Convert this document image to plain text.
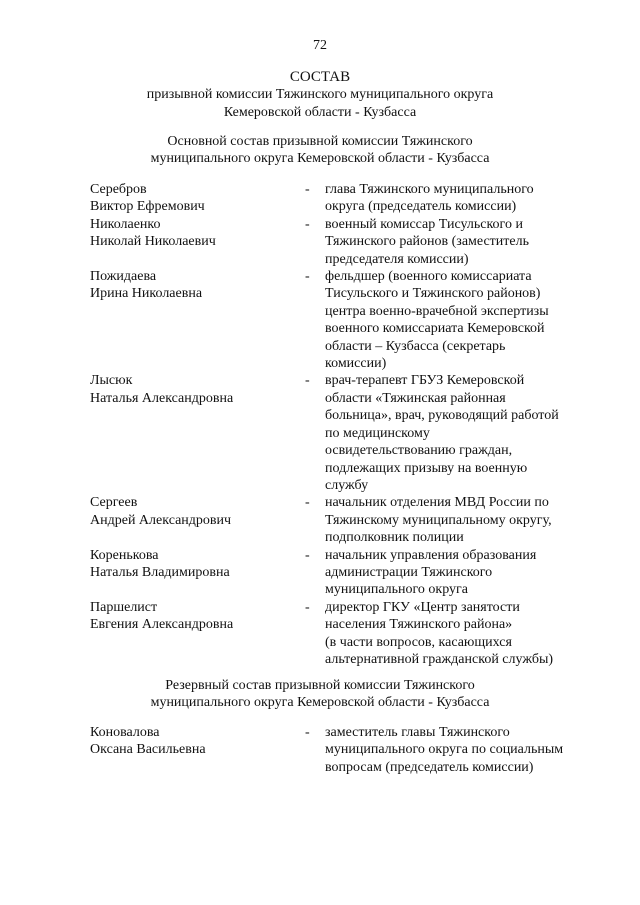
72
СОСТАВ
призывной комиссии Тяжинского муниципального округа
Кемеровской области - Кузбасса
Основной состав призывной комиссии Тяжинского
муниципального округа Кемеровской области - Кузбасса
Серебров
Виктор Ефремович
-	глава Тяжинского муниципального
округа (председатель комиссии)
Николаенко
Николай Николаевич
-	военный комиссар Тисульского и
Тяжинского районов (заместитель
председателя комиссии)
Пожидаева
Ирина Николаевна
-	фельдшер (военного комиссариата
Тисульского и Тяжинского районов)
центра военно-врачебной экспертизы
военного комиссариата Кемеровской
области – Кузбасса (секретарь
комиссии)
Лысюк
Наталья Александровна
-	врач-терапевт ГБУЗ Кемеровской
области «Тяжинская районная
больница», врач, руководящий работой
по медицинскому
освидетельствованию граждан,
подлежащих призыву на военную
службу
Сергеев
Андрей Александрович
-	начальник отделения МВД России по
Тяжинскому муниципальному округу,
подполковник полиции
Коренькова
Наталья Владимировна
-	начальник управления образования
администрации Тяжинского
муниципального округа
Паршелист
Евгения Александровна
-	директор ГКУ «Центр занятости
населения Тяжинского района»
(в части вопросов, касающихся
альтернативной гражданской службы)
Резервный состав призывной комиссии Тяжинского
муниципального округа Кемеровской области - Кузбасса
Коновалова
Оксана Васильевна
-	заместитель главы Тяжинского
муниципального округа по социальным
вопросам (председатель комиссии)
